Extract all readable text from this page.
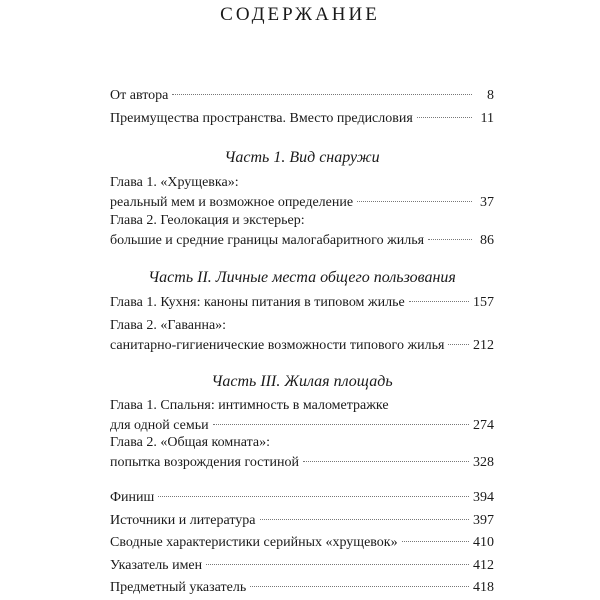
СОДЕРЖАНИЕ
От автора	8
Преимущества пространства. Вместо предисловия	11
Часть 1. Вид снаружи
Глава 1. «Хрущевка»:
реальный мем и возможное определение	37
Глава 2. Геолокация и экстерьер:
большие и средние границы малогабаритного жилья	86
Часть II. Личные места общего пользования
Глава 1. Кухня: каноны питания в типовом жилье	157
Глава 2. «Гаванна»:
санитарно-гигиенические возможности типового жилья 212
Часть III. Жилая площадь
Глава 1. Спальня: интимность в малометражке
для одной семьи	274
Глава 2. «Общая комната»:
попытка возрождения гостиной	328
Финиш	394
Источники и литература	397
Сводные характеристики серийных «хрущевок»	410
Указатель имен	412
Предметный указатель	418
